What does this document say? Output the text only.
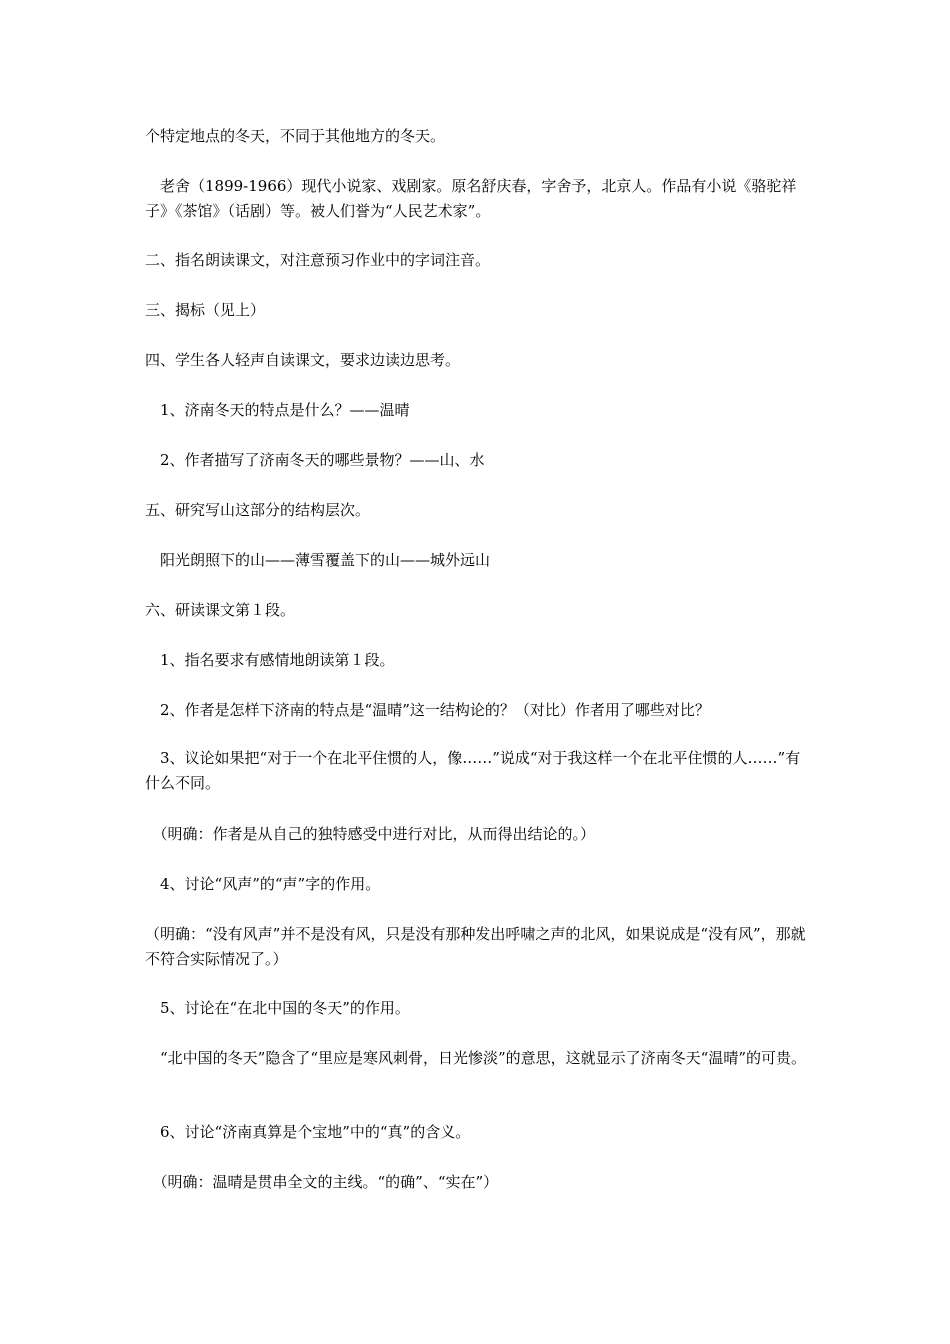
个特定地点的冬天，不同于其他地方的冬天。
　老舍（1899-1966）现代小说家、戏剧家。原名舒庆春，字舍予，北京人。作品有小说《骆驼祥子》《茶馆》（话剧）等。被人们誉为“人民艺术家”。
二、指名朗读课文，对注意预习作业中的字词注音。
三、揭标（见上）
四、学生各人轻声自读课文，要求边读边思考。
　1、济南冬天的特点是什么？——温晴
　2、作者描写了济南冬天的哪些景物？——山、水
五、研究写山这部分的结构层次。
　阳光朗照下的山——薄雪覆盖下的山——城外远山
六、研读课文第１段。
　1、指名要求有感情地朗读第１段。
　2、作者是怎样下济南的特点是“温晴”这一结构论的？（对比）作者用了哪些对比？
　3、议论如果把“对于一个在北平住惯的人，像……”说成“对于我这样一个在北平住惯的人……”有什么不同。
　（明确：作者是从自己的独特感受中进行对比，从而得出结论的。）
　4、讨论“风声”的“声”字的作用。
（明确：“没有风声”并不是没有风，只是没有那种发出呼啸之声的北风，如果说成是“没有风”，那就不符合实际情况了。）
　5、讨论在“在北中国的冬天”的作用。
　“北中国的冬天”隐含了“里应是寒风刺骨，日光惨淡”的意思，这就显示了济南冬天“温晴”的可贵。
　6、讨论“济南真算是个宝地”中的“真”的含义。
　（明确：温晴是贯串全文的主线。“的确”、“实在”）
